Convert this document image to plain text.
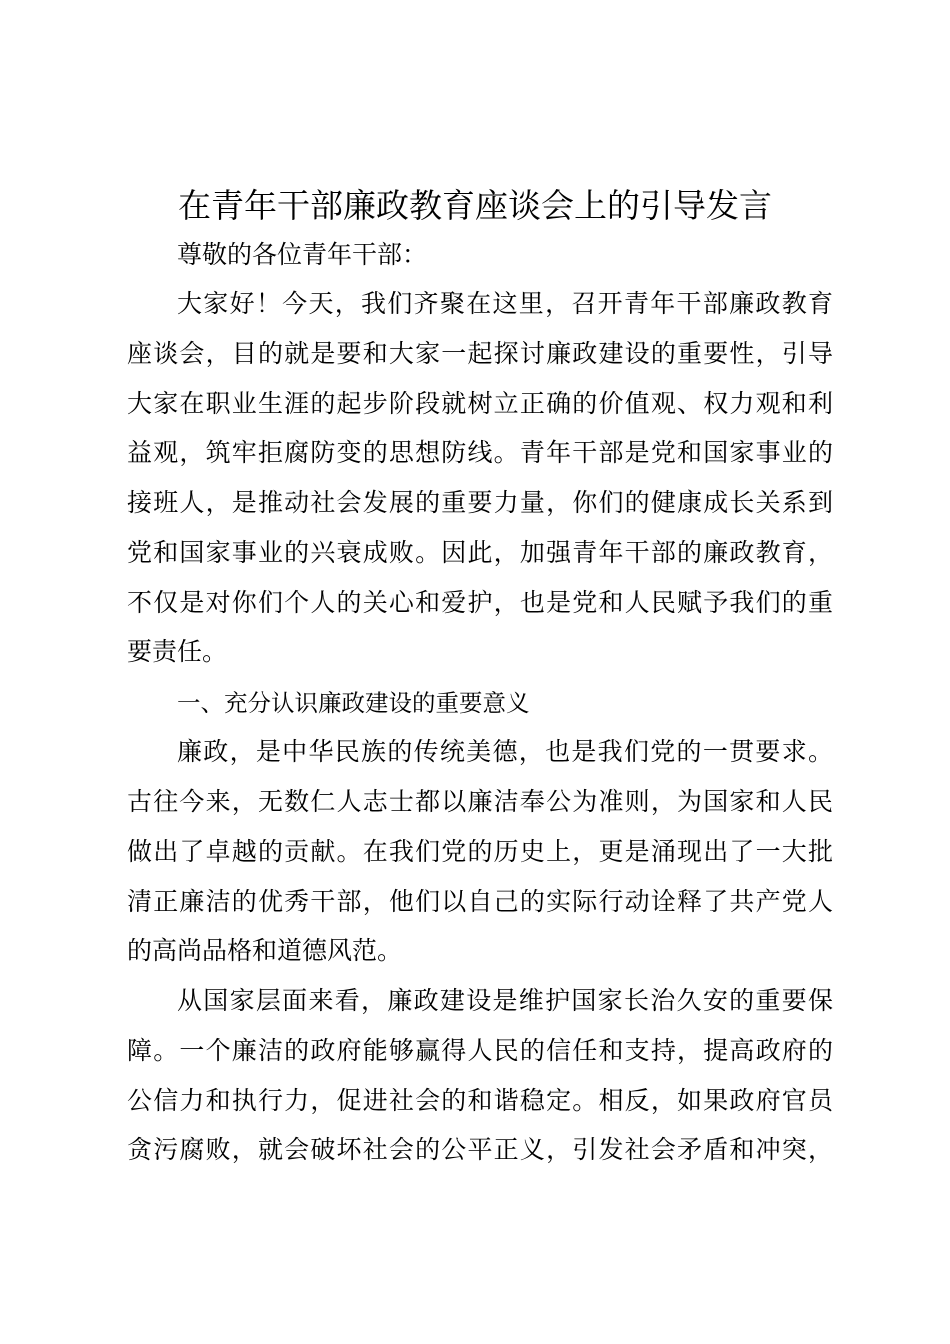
在青年干部廉政教育座谈会上的引导发言
尊敬的各位青年干部：
大家好！今天，我们齐聚在这里，召开青年干部廉政教育
座谈会，目的就是要和大家一起探讨廉政建设的重要性，引导
大家在职业生涯的起步阶段就树立正确的价值观、权力观和利
益观，筑牢拒腐防变的思想防线。青年干部是党和国家事业的
接班人，是推动社会发展的重要力量，你们的健康成长关系到
党和国家事业的兴衰成败。因此，加强青年干部的廉政教育，
不仅是对你们个人的关心和爱护，也是党和人民赋予我们的重
要责任。
一、充分认识廉政建设的重要意义
廉政，是中华民族的传统美德，也是我们党的一贯要求。
古往今来，无数仁人志士都以廉洁奉公为准则，为国家和人民
做出了卓越的贡献。在我们党的历史上，更是涌现出了一大批
清正廉洁的优秀干部，他们以自己的实际行动诠释了共产党人
的高尚品格和道德风范。
从国家层面来看，廉政建设是维护国家长治久安的重要保
障。一个廉洁的政府能够赢得人民的信任和支持，提高政府的
公信力和执行力，促进社会的和谐稳定。相反，如果政府官员
贪污腐败，就会破坏社会的公平正义，引发社会矛盾和冲突，
